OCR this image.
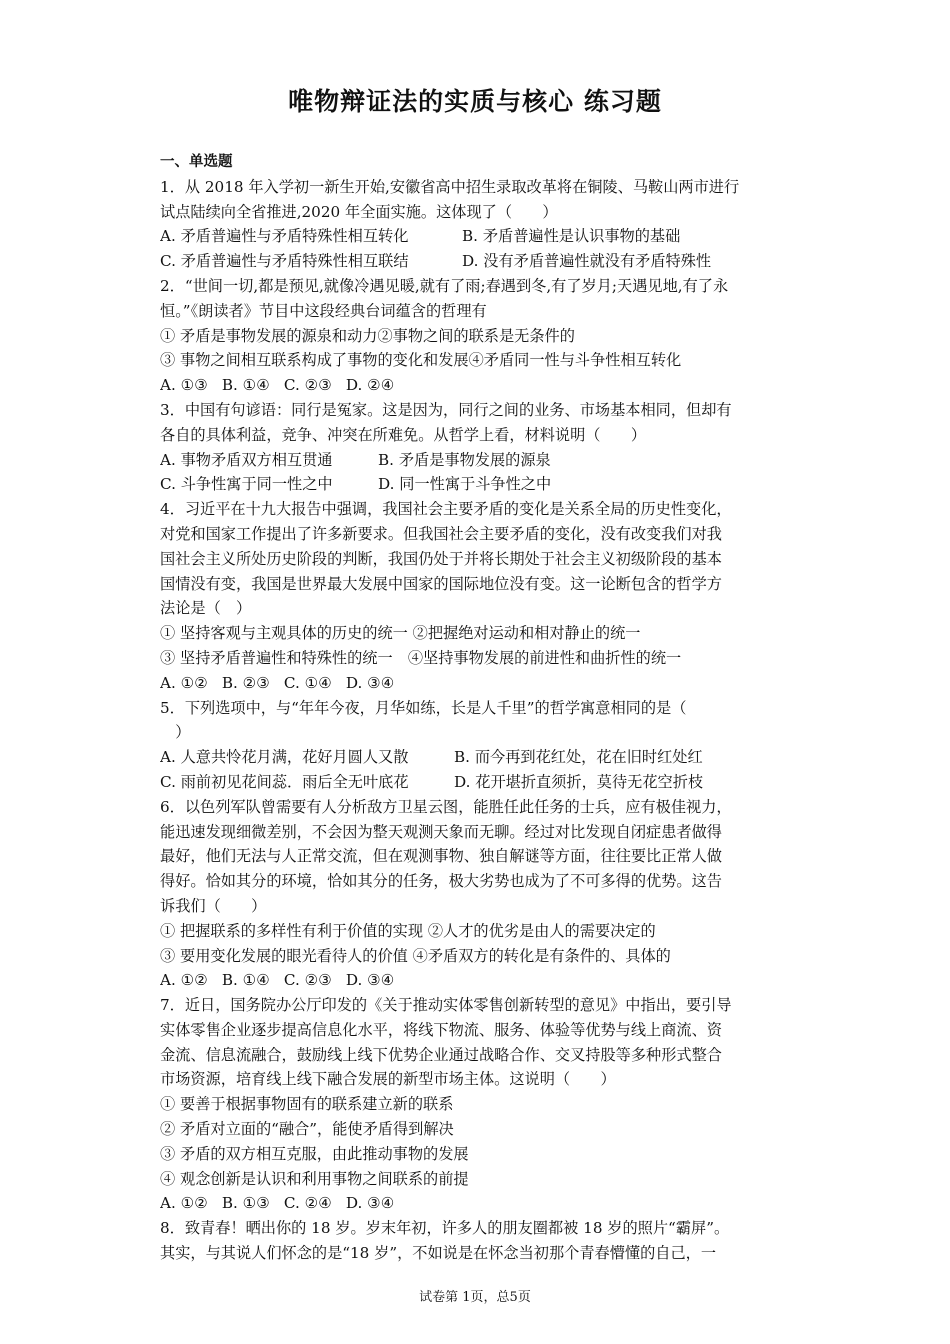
唯物辩证法的实质与核心 练习题
一、单选题
1．从 2018 年入学初一新生开始,安徽省高中招生录取改革将在铜陵、马鞍山两市进行
试点陆续向全省推进,2020 年全面实施。这体现了（　　）
A. 矛盾普遍性与矛盾特殊性相互转化	B. 矛盾普遍性是认识事物的基础
C. 矛盾普遍性与矛盾特殊性相互联结	D. 没有矛盾普遍性就没有矛盾特殊性
2．“世间一切,都是预见,就像冷遇见暖,就有了雨;春遇到冬,有了岁月;天遇见地,有了永
恒。”《朗读者》节目中这段经典台词蕴含的哲理有
① 矛盾是事物发展的源泉和动力②事物之间的联系是无条件的
③ 事物之间相互联系构成了事物的变化和发展④矛盾同一性与斗争性相互转化
A. ①③ B. ①④ C. ②③ D. ②④
3．中国有句谚语：同行是冤家。这是因为，同行之间的业务、市场基本相同，但却有
各自的具体利益，竞争、冲突在所难免。从哲学上看，材料说明（　　）
A. 事物矛盾双方相互贯通	B. 矛盾是事物发展的源泉
C. 斗争性寓于同一性之中	D. 同一性寓于斗争性之中
4．习近平在十九大报告中强调，我国社会主要矛盾的变化是关系全局的历史性变化，
对党和国家工作提出了许多新要求。但我国社会主要矛盾的变化，没有改变我们对我
国社会主义所处历史阶段的判断，我国仍处于并将长期处于社会主义初级阶段的基本
国情没有变，我国是世界最大发展中国家的国际地位没有变。这一论断包含的哲学方
法论是（　）
① 坚持客观与主观具体的历史的统一 ②把握绝对运动和相对静止的统一
③ 坚持矛盾普遍性和特殊性的统一　④坚持事物发展的前进性和曲折性的统一
A. ①② B. ②③ C. ①④ D. ③④
5．下列选项中，与“年年今夜，月华如练，长是人千里”的哲学寓意相同的是（
　）
A. 人意共怜花月满，花好月圆人又散	B. 而今再到花红处，花在旧时红处红
C. 雨前初见花间蕊．雨后全无叶底花	D. 花开堪折直须折，莫待无花空折枝
6．以色列军队曾需要有人分析敌方卫星云图，能胜任此任务的士兵，应有极佳视力，
能迅速发现细微差别，不会因为整天观测天象而无聊。经过对比发现自闭症患者做得
最好，他们无法与人正常交流，但在观测事物、独自解谜等方面，往往要比正常人做
得好。恰如其分的环境，恰如其分的任务，极大劣势也成为了不可多得的优势。这告
诉我们（　　）
① 把握联系的多样性有利于价值的实现 ②人才的优劣是由人的需要决定的
③ 要用变化发展的眼光看待人的价值 ④矛盾双方的转化是有条件的、具体的
A. ①② B. ①④ C. ②③ D. ③④
7．近日，国务院办公厅印发的《关于推动实体零售创新转型的意见》中指出，要引导
实体零售企业逐步提高信息化水平，将线下物流、服务、体验等优势与线上商流、资
金流、信息流融合，鼓励线上线下优势企业通过战略合作、交叉持股等多种形式整合
市场资源，培育线上线下融合发展的新型市场主体。这说明（　　）
① 要善于根据事物固有的联系建立新的联系
② 矛盾对立面的“融合”，能使矛盾得到解决
③ 矛盾的双方相互克服，由此推动事物的发展
④ 观念创新是认识和利用事物之间联系的前提
A. ①② B. ①③ C. ②④ D. ③④
8．致青春！晒出你的 18 岁。岁末年初，许多人的朋友圈都被 18 岁的照片“霸屏”。
其实，与其说人们怀念的是“18 岁”，不如说是在怀念当初那个青春懵懂的自己，一
试卷第 1页，总5页
